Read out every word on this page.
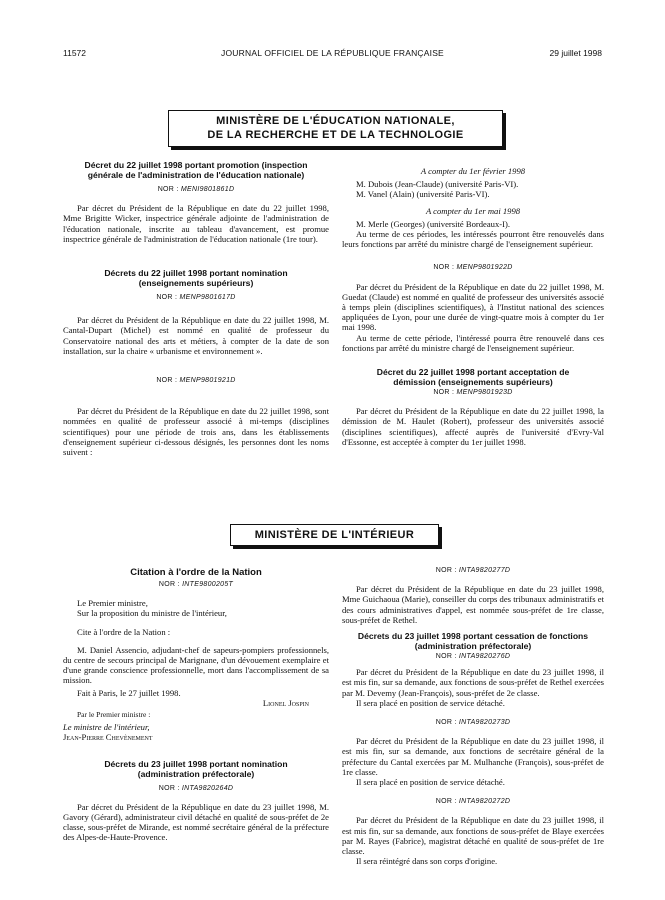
11572	JOURNAL OFFICIEL DE LA RÉPUBLIQUE FRANÇAISE	29 juillet 1998
MINISTÈRE DE L'ÉDUCATION NATIONALE,
DE LA RECHERCHE ET DE LA TECHNOLOGIE
Décret du 22 juillet 1998 portant promotion (inspection générale de l'administration de l'éducation nationale)
NOR : MENI9801861D

Par décret du Président de la République en date du 22 juillet 1998, Mme Brigitte Wicker, inspectrice générale adjointe de l'administration de l'éducation nationale, inscrite au tableau d'avancement, est promue inspectrice générale de l'administration de l'éducation nationale (1re tour).

Décrets du 22 juillet 1998 portant nomination (enseignements supérieurs)
NOR : MENP9801617D

Par décret du Président de la République en date du 22 juillet 1998, M. Cantal-Dupart (Michel) est nommé en qualité de professeur du Conservatoire national des arts et métiers, à compter de la date de son installation, sur la chaire « urbanisme et environnement ».

NOR : MENP9801921D

Par décret du Président de la République en date du 22 juillet 1998, sont nommées en qualité de professeur associé à mi-temps (disciplines scientifiques) pour une période de trois ans, dans les établissements d'enseignement supérieur ci-dessous désignés, les personnes dont les noms suivent :

A compter du 1er février 1998

M. Dubois (Jean-Claude) (université Paris-VI).

M. Vanel (Alain) (université Paris-VI).

A compter du 1er mai 1998

M. Merle (Georges) (université Bordeaux-I).

Au terme de ces périodes, les intéressés pourront être renouvelés dans leurs fonctions par arrêté du ministre chargé de l'enseignement supérieur.

NOR : MENP9801922D

Par décret du Président de la République en date du 22 juillet 1998, M. Guedat (Claude) est nommé en qualité de professeur des universités associé à temps plein (disciplines scientifiques), à l'Institut national des sciences appliquées de Lyon, pour une durée de vingt-quatre mois à compter du 1er mai 1998.

Au terme de cette période, l'intéressé pourra être renouvelé dans ces fonctions par arrêté du ministre chargé de l'enseignement supérieur.

Décret du 22 juillet 1998 portant acceptation de démission (enseignements supérieurs)
NOR : MENP9801923D

Par décret du Président de la République en date du 22 juillet 1998, la démission de M. Haulet (Robert), professeur des universités associé (disciplines scientifiques), affecté auprès de l'université d'Evry-Val d'Essonne, est acceptée à compter du 1er juillet 1998.

MINISTÈRE DE L'INTÉRIEUR
Citation à l'ordre de la Nation
NOR : INTE9800205T

Le Premier ministre,

Sur la proposition du ministre de l'intérieur,

Cite à l'ordre de la Nation :

M. Daniel Assencio, adjudant-chef de sapeurs-pompiers professionnels, du centre de secours principal de Marignane, d'un dévouement exemplaire et d'une grande conscience professionnelle, mort dans l'accomplissement de sa mission.

Fait à Paris, le 27 juillet 1998.

Lionel Jospin

Par le Premier ministre :

Le ministre de l'intérieur,

Jean-Pierre Chevènement

Décrets du 23 juillet 1998 portant nomination (administration préfectorale)
NOR : INTA9820264D

Par décret du Président de la République en date du 23 juillet 1998, M. Gavory (Gérard), administrateur civil détaché en qualité de sous-préfet de 2e classe, sous-préfet de Mirande, est nommé secrétaire général de la préfecture des Alpes-de-Haute-Provence.

NOR : INTA9820277D

Par décret du Président de la République en date du 23 juillet 1998, Mme Guichaoua (Marie), conseiller du corps des tribunaux administratifs et des cours administratives d'appel, est nommée sous-préfet de 1re classe, sous-préfet de Rethel.

Décrets du 23 juillet 1998 portant cessation de fonctions (administration préfectorale)
NOR : INTA9820276D

Par décret du Président de la République en date du 23 juillet 1998, il est mis fin, sur sa demande, aux fonctions de sous-préfet de Rethel exercées par M. Devemy (Jean-François), sous-préfet de 2e classe.

Il sera placé en position de service détaché.

NOR : INTA9820273D

Par décret du Président de la République en date du 23 juillet 1998, il est mis fin, sur sa demande, aux fonctions de secrétaire général de la préfecture du Cantal exercées par M. Mulhanche (François), sous-préfet de 1re classe.

Il sera placé en position de service détaché.

NOR : INTA9820272D

Par décret du Président de la République en date du 23 juillet 1998, il est mis fin, sur sa demande, aux fonctions de sous-préfet de Blaye exercées par M. Rayes (Fabrice), magistrat détaché en qualité de sous-préfet de 1re classe.

Il sera réintégré dans son corps d'origine.
